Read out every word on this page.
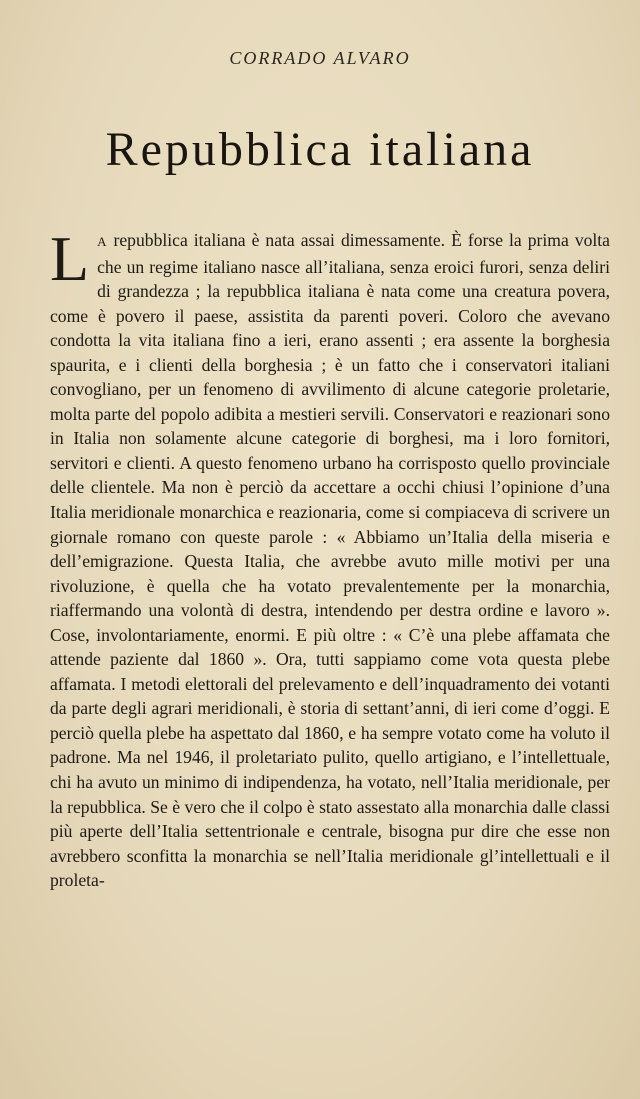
CORRADO ALVARO
Repubblica italiana

LA repubblica italiana è nata assai dimessamente. È forse la prima volta che un regime italiano nasce all’italiana, senza eroici furori, senza deliri di grandezza ; la repubblica italiana è nata come una creatura povera, come è povero il paese, assistita da parenti poveri. Coloro che avevano condotta la vita italiana fino a ieri, erano assenti ; era assente la borghesia spaurita, e i clienti della borghesia ; è un fatto che i conservatori italiani convogliano, per un fenomeno di avvilimento di alcune categorie proletarie, molta parte del popolo adibita a mestieri servili. Conservatori e reazionari sono in Italia non solamente alcune categorie di borghesi, ma i loro fornitori, servitori e clienti. A questo fenomeno urbano ha corrisposto quello provinciale delle clientele. Ma non è perciò da accettare a occhi chiusi l’opinione d’una Italia meridionale monarchica e reazionaria, come si compiaceva di scrivere un giornale romano con queste parole : « Abbiamo un’Italia della miseria e dell’emigrazione. Questa Italia, che avrebbe avuto mille motivi per una rivoluzione, è quella che ha votato prevalentemente per la monarchia, riaffermando una volontà di destra, intendendo per destra ordine e lavoro ». Cose, involontariamente, enormi. E più oltre : « C’è una plebe affamata che attende paziente dal 1860 ». Ora, tutti sappiamo come vota questa plebe affamata. I metodi elettorali del prelevamento e dell’inquadramento dei votanti da parte degli agrari meridionali, è storia di settant’anni, di ieri come d’oggi. E perciò quella plebe ha aspettato dal 1860, e ha sempre votato come ha voluto il padrone. Ma nel 1946, il proletariato pulito, quello artigiano, e l’intellettuale, chi ha avuto un minimo di indipendenza, ha votato, nell’Italia meridionale, per la repubblica. Se è vero che il colpo è stato assestato alla monarchia dalle classi più aperte dell’Italia settentrionale e centrale, bisogna pur dire che esse non avrebbero sconfitta la monarchia se nell’Italia meridionale gl’intellettuali e il proleta-
